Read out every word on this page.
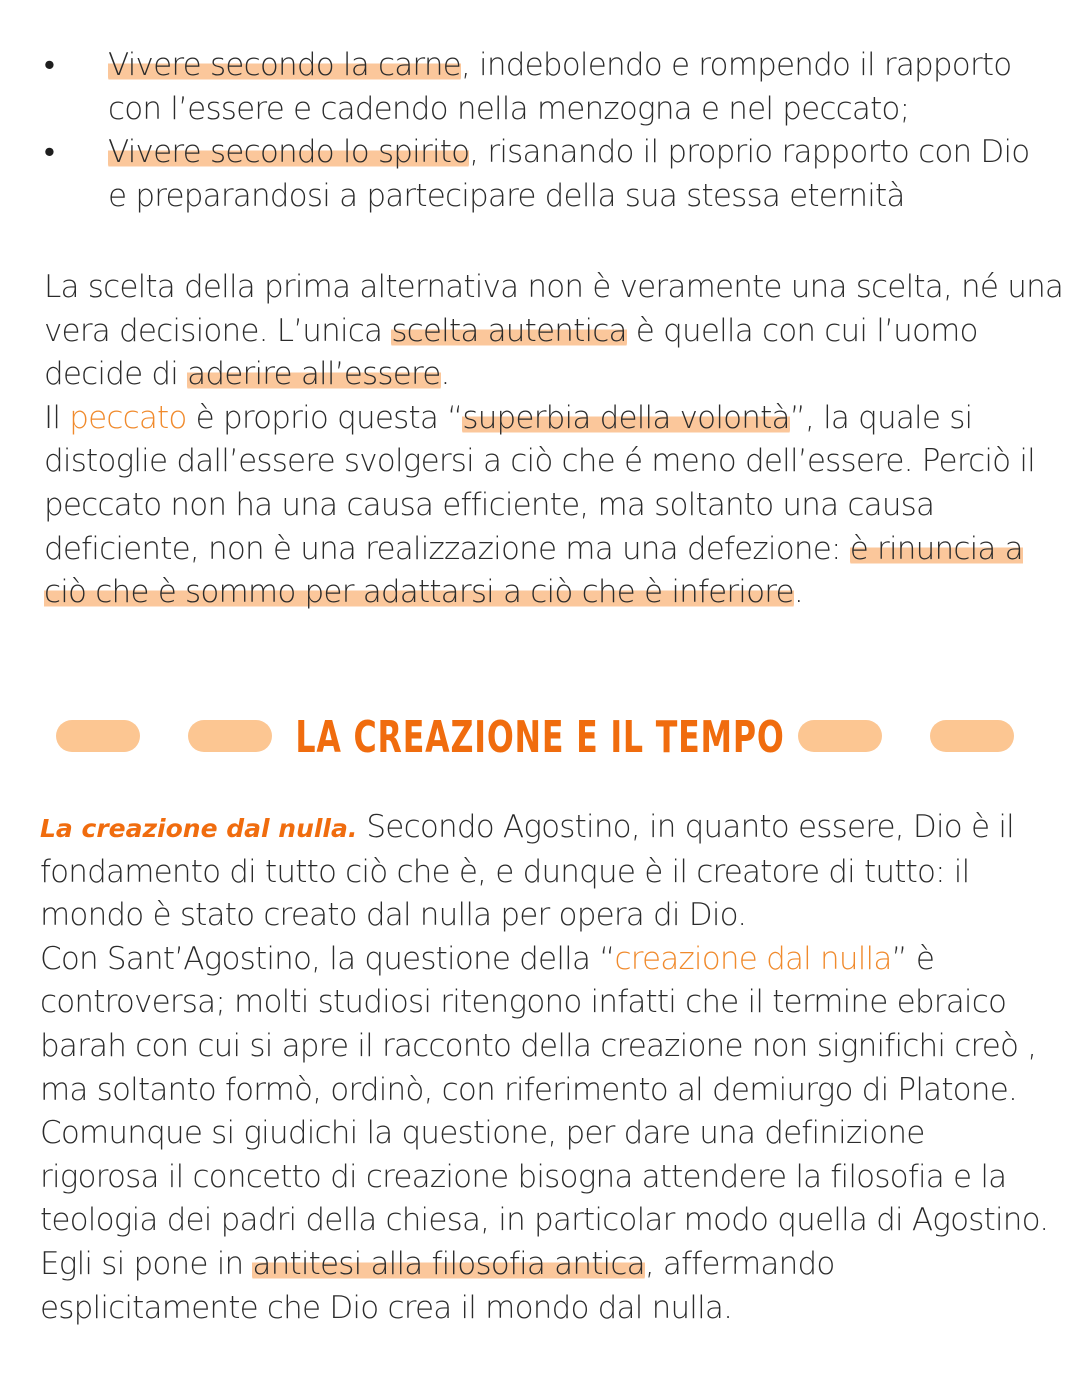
• Vivere secondo la carne, indebolendo e rompendo il rapporto con l’essere e cadendo nella menzogna e nel peccato;
• Vivere secondo lo spirito, risanando il proprio rapporto con Dio e preparandosi a partecipare della sua stessa eternità
La scelta della prima alternativa non è veramente una scelta, né una vera decisione. L’unica scelta autentica è quella con cui l’uomo decide di aderire all’essere.
Il peccato è proprio questa “superbia della volontà”, la quale si distoglie dall’essere svolgersi a ciò che é meno dell’essere. Perciò il peccato non ha una causa efficiente, ma soltanto una causa deficiente, non è una realizzazione ma una defezione: è rinuncia a ciò che è sommo per adattarsi a ciò che è inferiore.
LA CREAZIONE E IL TEMPO
La creazione dal nulla. Secondo Agostino, in quanto essere, Dio è il fondamento di tutto ciò che è, e dunque è il creatore di tutto: il mondo è stato creato dal nulla per opera di Dio.
Con Sant’Agostino, la questione della “creazione dal nulla” è controversa; molti studiosi ritengono infatti che il termine ebraico barah con cui si apre il racconto della creazione non significhi creò , ma soltanto formò, ordinò, con riferimento al demiurgo di Platone.
Comunque si giudichi la questione, per dare una definizione rigorosa il concetto di creazione bisogna attendere la filosofia e la teologia dei padri della chiesa, in particolar modo quella di Agostino.
Egli si pone in antitesi alla filosofia antica, affermando esplicitamente che Dio crea il mondo dal nulla.
